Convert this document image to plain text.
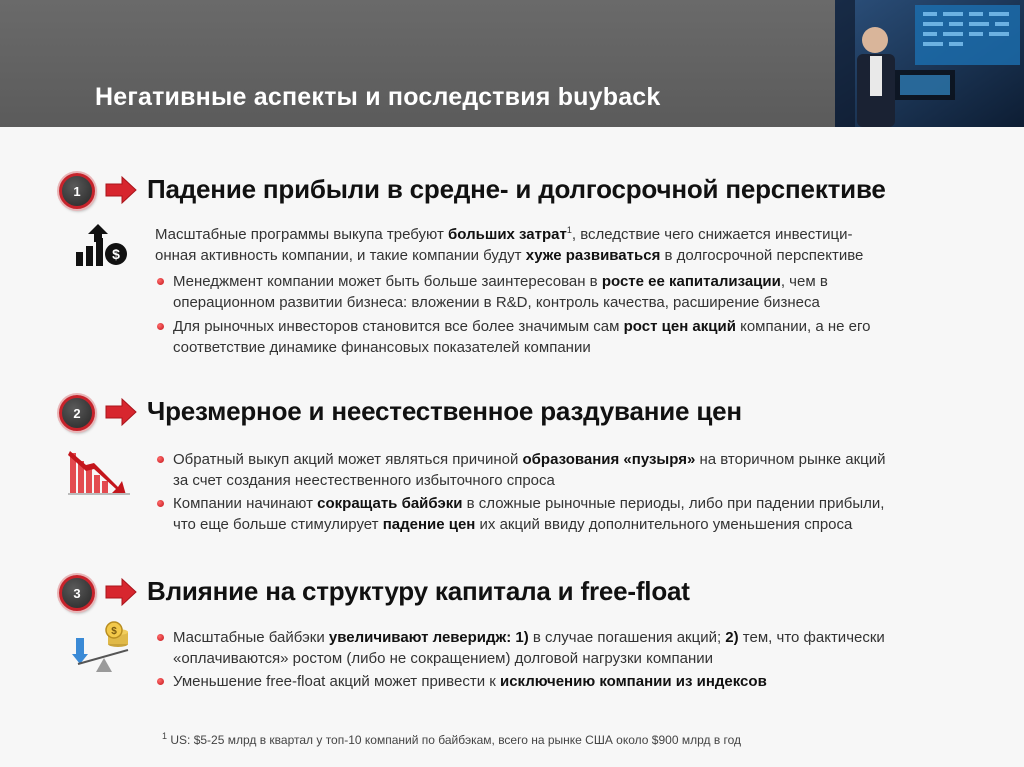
Негативные аспекты и последствия buyback
1	Падение прибыли в средне- и долгосрочной перспективе
$
Масштабные программы выкупа требуют больших затрат$^1$, вследствие чего снижается инвестици-
онная активность компании, и такие компании будут хуже развиваться в долгосрочной перспективе
Менеджмент компании может быть больше заинтересован в росте ее капитализации, чем в
операционном развитии бизнеса: вложении в R&D, контроль качества, расширение бизнеса
Для рыночных инвесторов становится все более значимым сам рост цен акций компании, а не его
соответствие динамике финансовых показателей компании
2	Чрезмерное и неестественное раздувание цен
Обратный выкуп акций может являться причиной образования «пузыря» на вторичном рынке акций
за счет создания неестественного избыточного спроса
Компании начинают сокращать байбэки в сложные рыночные периоды, либо при падении прибыли,
что еще больше стимулирует падение цен их акций ввиду дополнительного уменьшения спроса
3	Влияние на структуру капитала и free-float
$	Масштабные байбэки увеличивают леверидж: 1) в случае погашения акций; 2) тем, что фактически
«оплачиваются» ростом (либо не сокращением) долговой нагрузки компании
Уменьшение free-float акций может привести к исключению компании из индексов
$^1$ US: $5-25 млрд в квартал у топ-10 компаний по байбэкам, всего на рынке США около $900 млрд в год
